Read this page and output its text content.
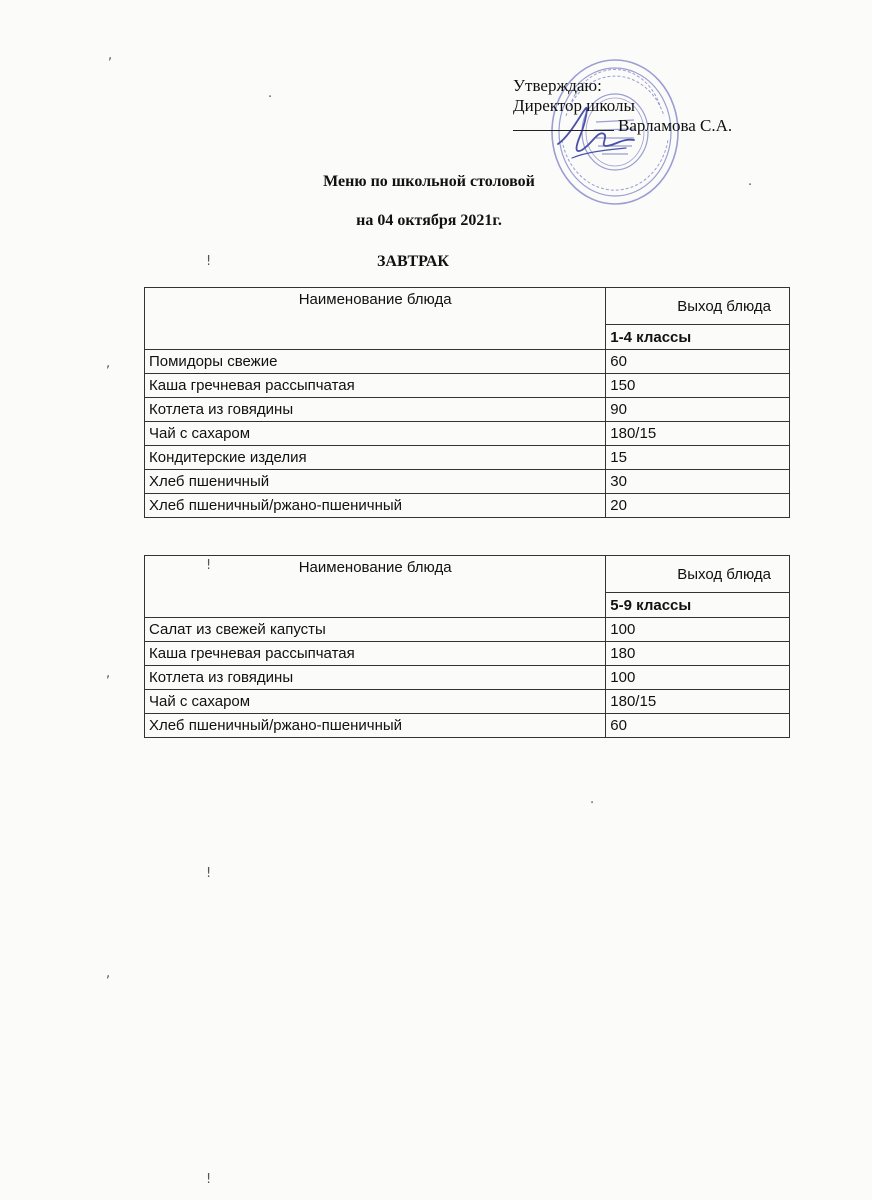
Утверждаю:
Директор школы
Варламова С.А.
Меню по школьной столовой
на 04 октября 2021г.
ЗАВТРАК
Наименование блюда	Выход блюда
	1-4 классы
Помидоры свежие	60
Каша гречневая рассыпчатая	150
Котлета из говядины	90
Чай с сахаром	180/15
Кондитерские изделия	15
Хлеб пшеничный	30
Хлеб пшеничный/ржано-пшеничный	20
Наименование блюда	Выход блюда
	5-9 классы
Салат из свежей капусты	100
Каша гречневая рассыпчатая	180
Котлета из говядины	100
Чай с сахаром	180/15
Хлеб пшеничный/ржано-пшеничный	60
,
·
!
,
!
,
!
,
!
·
·
